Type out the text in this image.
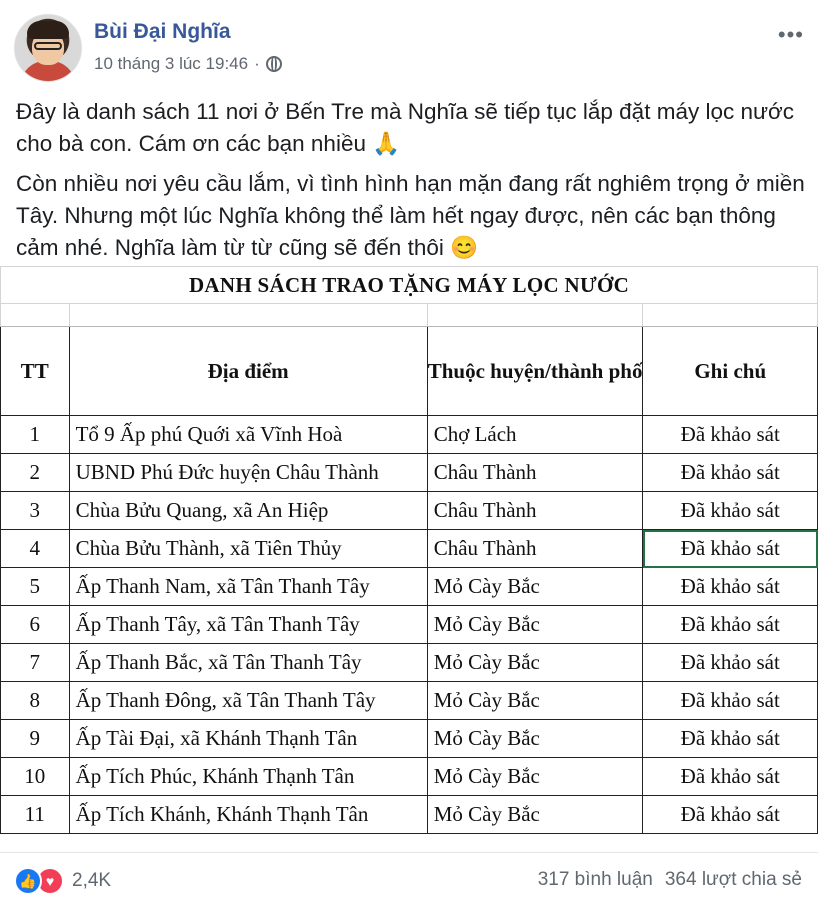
Bùi Đại Nghĩa
10 tháng 3 lúc 19:46 ·
•••

Đây là danh sách 11 nơi ở Bến Tre mà Nghĩa sẽ tiếp tục lắp đặt máy lọc nước cho bà con. Cám ơn các bạn nhiều 🙏

Còn nhiều nơi yêu cầu lắm, vì tình hình hạn mặn đang rất nghiêm trọng ở miền Tây. Nhưng một lúc Nghĩa không thể làm hết ngay được, nên các bạn thông cảm nhé. Nghĩa làm từ từ cũng sẽ đến thôi 😊

DANH SÁCH TRAO TẶNG MÁY LỌC NƯỚC			

TT	Địa điểm	Thuộc huyện/thành phố	Ghi chú
1	Tổ 9 Ấp phú Quới xã Vĩnh Hoà	Chợ Lách	Đã khảo sát
2	UBND Phú Đức huyện Châu Thành	Châu Thành	Đã khảo sát
3	Chùa Bửu Quang, xã An Hiệp	Châu Thành	Đã khảo sát
4	Chùa Bửu Thành, xã Tiên Thủy	Châu Thành	Đã khảo sát
5	Ấp Thanh Nam, xã Tân Thanh Tây	Mỏ Cày Bắc	Đã khảo sát
6	Ấp Thanh Tây, xã Tân Thanh Tây	Mỏ Cày Bắc	Đã khảo sát
7	Ấp Thanh Bắc, xã Tân Thanh Tây	Mỏ Cày Bắc	Đã khảo sát
8	Ấp Thanh Đông, xã Tân Thanh Tây	Mỏ Cày Bắc	Đã khảo sát
9	Ấp Tài Đại, xã Khánh Thạnh Tân	Mỏ Cày Bắc	Đã khảo sát
10	Ấp Tích Phúc, Khánh Thạnh Tân	Mỏ Cày Bắc	Đã khảo sát
11	Ấp Tích Khánh, Khánh Thạnh Tân	Mỏ Cày Bắc	Đã khảo sát
👍 ♥ 2,4K	317 bình luận 364 lượt chia sẻ
